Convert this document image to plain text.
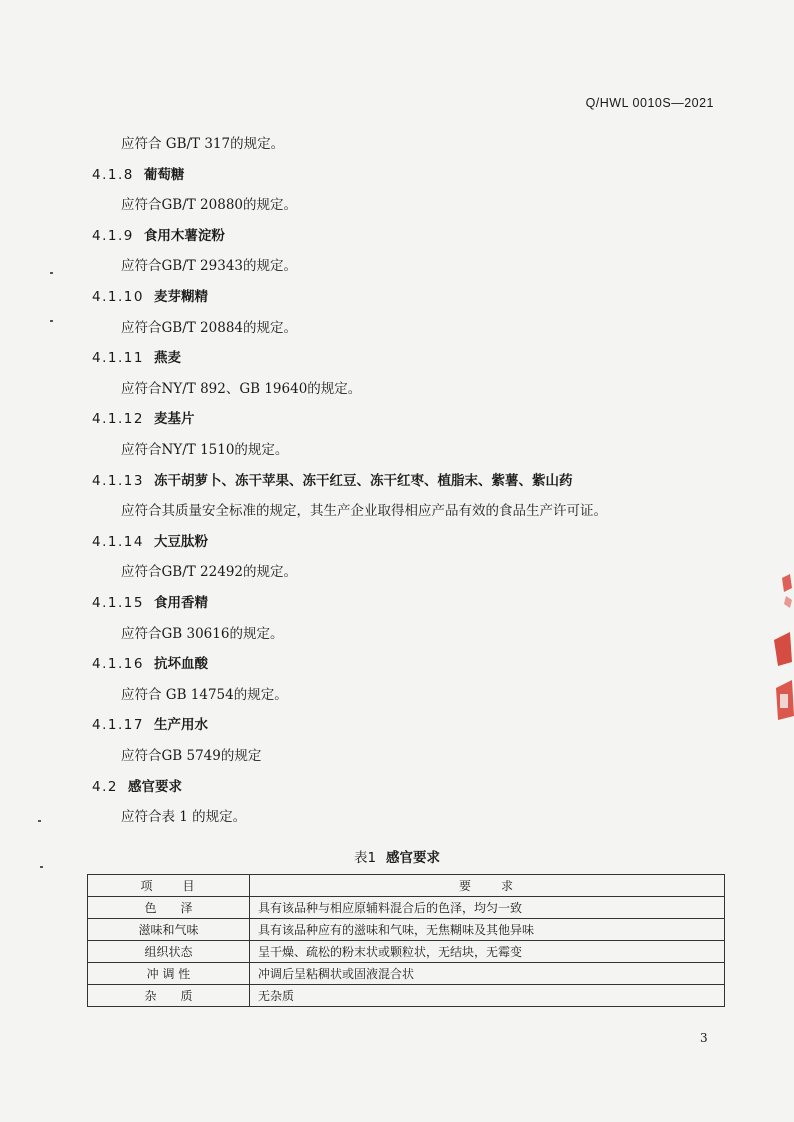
Q/HWL 0010S—2021
应符合 GB/T 317的规定。
4.1.8 葡萄糖
应符合GB/T 20880的规定。
4.1.9 食用木薯淀粉
应符合GB/T 29343的规定。
4.1.10 麦芽糊精
应符合GB/T 20884的规定。
4.1.11 燕麦
应符合NY/T 892、GB 19640的规定。
4.1.12 麦基片
应符合NY/T 1510的规定。
4.1.13 冻干胡萝卜、冻干苹果、冻干红豆、冻干红枣、植脂末、紫薯、紫山药
应符合其质量安全标准的规定，其生产企业取得相应产品有效的食品生产许可证。
4.1.14 大豆肽粉
应符合GB/T 22492的规定。
4.1.15 食用香精
应符合GB 30616的规定。
4.1.16 抗坏血酸
应符合 GB 14754的规定。
4.1.17 生产用水
应符合GB 5749的规定
4.2 感官要求
应符合表 1 的规定。
表1 感官要求
项　　目	要　　求
色　　泽	具有该品种与相应原辅料混合后的色泽，均匀一致
滋味和气味	具有该品种应有的滋味和气味，无焦糊味及其他异味
组织状态	呈干燥、疏松的粉末状或颗粒状，无结块，无霉变
冲 调 性	冲调后呈粘稠状或固液混合状
杂　　质	无杂质
3
